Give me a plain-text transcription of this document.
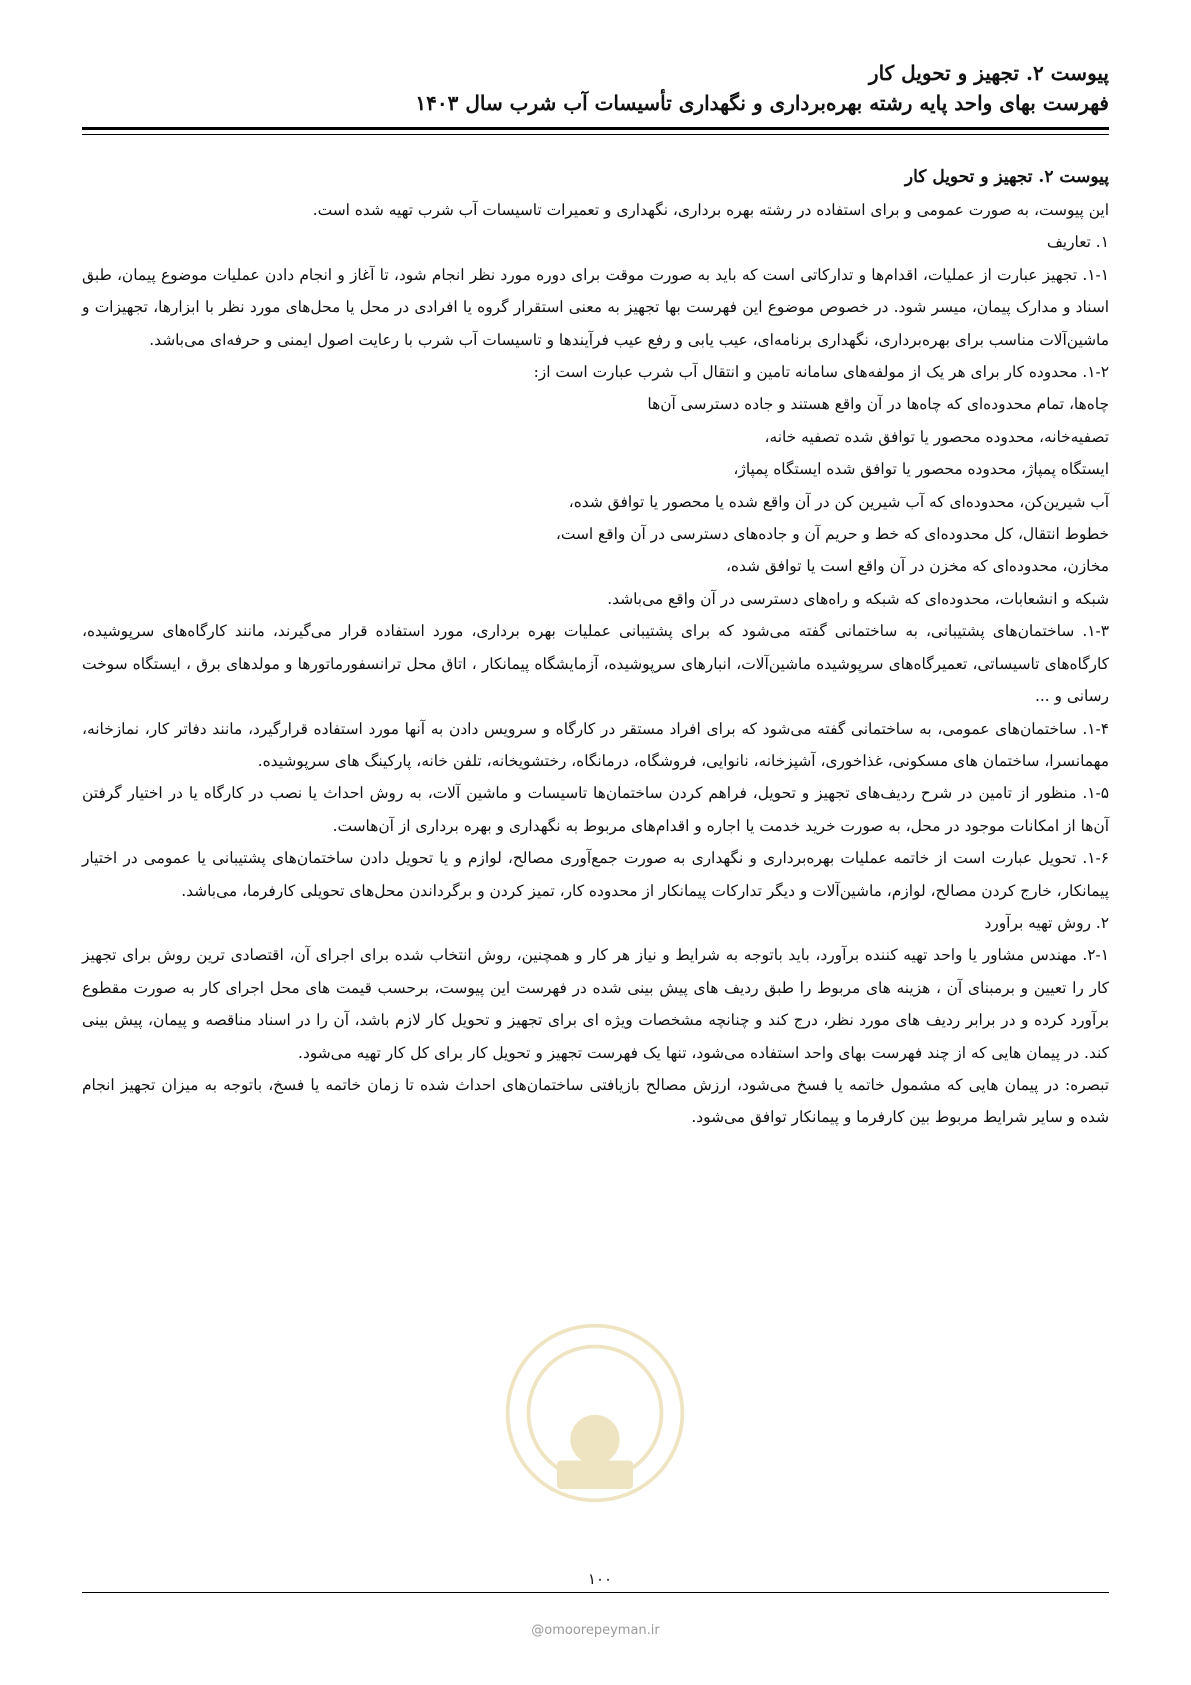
پیوست ۲. تجهیز و تحویل کار
فهرست بهای واحد پایه رشته بهره‌برداری و نگهداری تأسیسات آب شرب سال ۱۴۰۳
پیوست ۲. تجهیز و تحویل کار

این پیوست، به صورت عمومی و برای استفاده در رشته بهره برداری، نگهداری و تعمیرات تاسیسات آب شرب تهیه شده است.

۱. تعاریف

۱-۱. تجهیز عبارت از عملیات، اقدام‌ها و تدارکاتی است که باید به صورت موقت برای دوره مورد نظر انجام شود، تا آغاز و انجام دادن عملیات موضوع پیمان، طبق اسناد و مدارک پیمان، میسر شود. در خصوص موضوع این فهرست بها تجهیز به معنی استقرار گروه یا افرادی در محل یا محل‌های مورد نظر با ابزارها، تجهیزات و ماشین‌آلات مناسب برای بهره‌برداری، نگهداری برنامه‌ای، عیب یابی و رفع عیب فرآیندها و تاسیسات آب شرب با رعایت اصول ایمنی و حرفه‌ای می‌باشد.

۱-۲. محدوده کار برای هر یک از مولفه‌های سامانه تامین و انتقال آب شرب عبارت است از:

چاه‌ها، تمام محدوده‌ای که چاه‌ها در آن واقع هستند و جاده دسترسی آن‌ها

تصفیه‌خانه، محدوده محصور یا توافق شده تصفیه خانه،

ایستگاه پمپاژ، محدوده محصور یا توافق شده ایستگاه پمپاژ،

آب شیرین‌کن، محدوده‌ای که آب شیرین کن در آن واقع شده یا محصور یا توافق شده،

خطوط انتقال، کل محدوده‌ای که خط و حریم آن و جاده‌های دسترسی در آن واقع است،

مخازن، محدوده‌ای که مخزن در آن واقع است یا توافق شده،

شبکه و انشعابات، محدوده‌ای که شبکه و راه‌های دسترسی در آن واقع می‌باشد.

۱-۳. ساختمان‌های پشتیبانی، به ساختمانی گفته می‌شود که برای پشتیبانی عملیات بهره برداری، مورد استفاده قرار می‌گیرند، مانند کارگاه‌های سرپوشیده، کارگاه‌های تاسیساتی، تعمیرگاه‌های سرپوشیده ماشین‌آلات، انبارهای سرپوشیده، آزمایشگاه پیمانکار ، اتاق محل ترانسفورماتورها و مولدهای برق ، ایستگاه سوخت رسانی و ...

۱-۴. ساختمان‌های عمومی، به ساختمانی گفته می‌شود که برای افراد مستقر در کارگاه و سرویس دادن به آنها مورد استفاده قرارگیرد، مانند دفاتر کار، نمازخانه، مهمانسرا، ساختمان های مسکونی، غذاخوری، آشپزخانه، نانوایی، فروشگاه، درمانگاه، رختشویخانه، تلفن خانه، پارکینگ های سرپوشیده.

۱-۵. منظور از تامین در شرح ردیف‌های تجهیز و تحویل، فراهم کردن ساختمان‌ها تاسیسات و ماشین آلات، به روش احداث یا نصب در کارگاه یا در اختیار گرفتن آن‌ها از امکانات موجود در محل، به صورت خرید خدمت یا اجاره و اقدام‌های مربوط به نگهداری و بهره برداری از آن‌هاست.

۱-۶. تحویل عبارت است از خاتمه عملیات بهره‌برداری و نگهداری به صورت جمع‌آوری مصالح، لوازم و یا تحویل دادن ساختمان‌های پشتیبانی یا عمومی در اختیار پیمانکار، خارج کردن مصالح، لوازم، ماشین‌آلات و دیگر تدارکات پیمانکار از محدوده کار، تمیز کردن و برگرداندن محل‌های تحویلی کارفرما، می‌باشد.

۲. روش تهیه برآورد

۲-۱. مهندس مشاور یا واحد تهیه کننده برآورد، باید باتوجه به شرایط و نیاز هر کار و همچنین، روش انتخاب شده برای اجرای آن، اقتصادی ترین روش برای تجهیز کار را تعیین و برمبنای آن ، هزینه های مربوط را طبق ردیف های پیش بینی شده در فهرست این پیوست، برحسب قیمت های محل اجرای کار به صورت مقطوع برآورد کرده و در برابر ردیف های مورد نظر، درج کند و چنانچه مشخصات ویژه ای برای تجهیز و تحویل کار لازم باشد، آن را در اسناد مناقصه و پیمان، پیش بینی کند. در پیمان هایی که از چند فهرست بهای واحد استفاده می‌شود، تنها یک فهرست تجهیز و تحویل کار برای کل کار تهیه می‌شود.

تبصره: در پیمان هایی که مشمول خاتمه یا فسخ می‌شود، ارزش مصالح بازیافتی ساختمان‌های احداث شده تا زمان خاتمه یا فسخ، باتوجه به میزان تجهیز انجام شده و سایر شرایط مربوط بین کارفرما و پیمانکار توافق می‌شود.

۱۰۰
@omoorepeyman.ir
